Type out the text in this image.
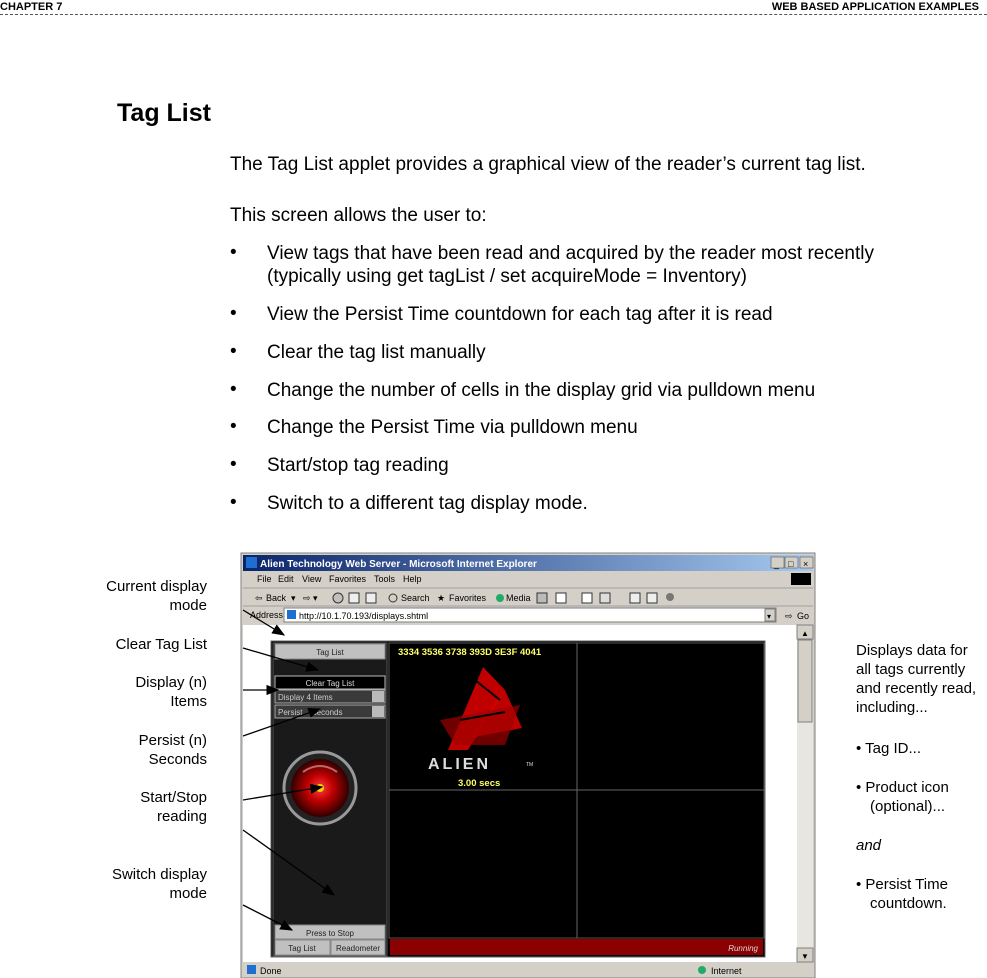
CHAPTER 7	WEB BASED APPLICATION EXAMPLES
Tag List
The Tag List applet provides a graphical view of the reader’s current tag list.
This screen allows the user to:
• View tags that have been read and acquired by the reader most recently
(typically using get tagList / set acquireMode = Inventory)
• View the Persist Time countdown for each tag after it is read
• Clear the tag list manually
• Change the number of cells in the display grid via pulldown menu
• Change the Persist Time via pulldown menu
• Start/stop tag reading
• Switch to a different tag display mode.
Current display
mode
Clear Tag List
Display (n)
Items
Persist (n)
Seconds
Start/Stop
reading
Switch display
mode
Displays data for
all tags currently
and recently read,
including...
• Tag ID...
• Product icon
(optional)...
and
• Persist Time
countdown.
Alien Technology Web Server - Microsoft Internet Explorer	_ □ ×
File Edit View Favorites Tools Help
⇦ Back ▾ ⇨ ▾	Search ★ Favorites Media
Address http://10.1.70.193/displays.shtml	▾ ⇨ Go
▲
▼
Tag List
Clear Tag List
Display 4 Items
Persist    Seconds
Press to Stop
Tag List	Readometer
3334 3536 3738 393D 3E3F 4041
ALIEN	TM
3.00 secs
Running
Done	Internet
